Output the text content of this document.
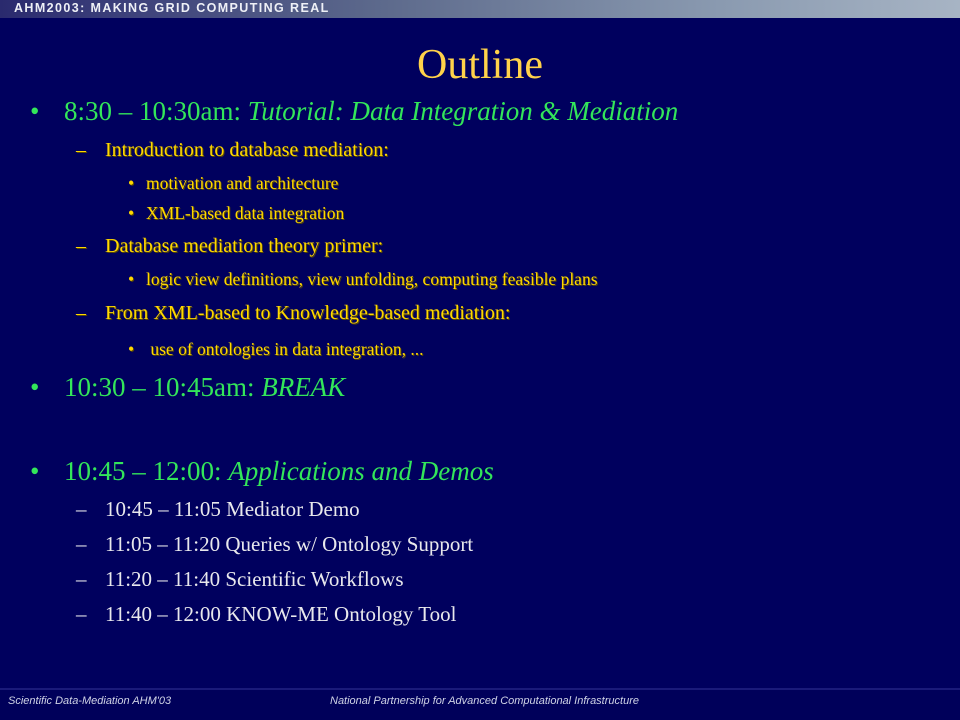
AHM2003: MAKING GRID COMPUTING REAL
Outline
• 8:30 – 10:30am: Tutorial: Data Integration & Mediation
– Introduction to database mediation:
• motivation and architecture
• XML-based data integration
– Database mediation theory primer:
• logic view definitions, view unfolding, computing feasible plans
– From XML-based to Knowledge-based mediation:
• use of ontologies in data integration, ...
• 10:30 – 10:45am: BREAK
• 10:45 – 12:00: Applications and Demos
– 10:45 – 11:05 Mediator Demo
– 11:05 – 11:20 Queries w/ Ontology Support
– 11:20 – 11:40 Scientific Workflows
– 11:40 – 12:00 KNOW-ME Ontology Tool
Scientific Data-Mediation AHM'03	National Partnership for Advanced Computational Infrastructure
